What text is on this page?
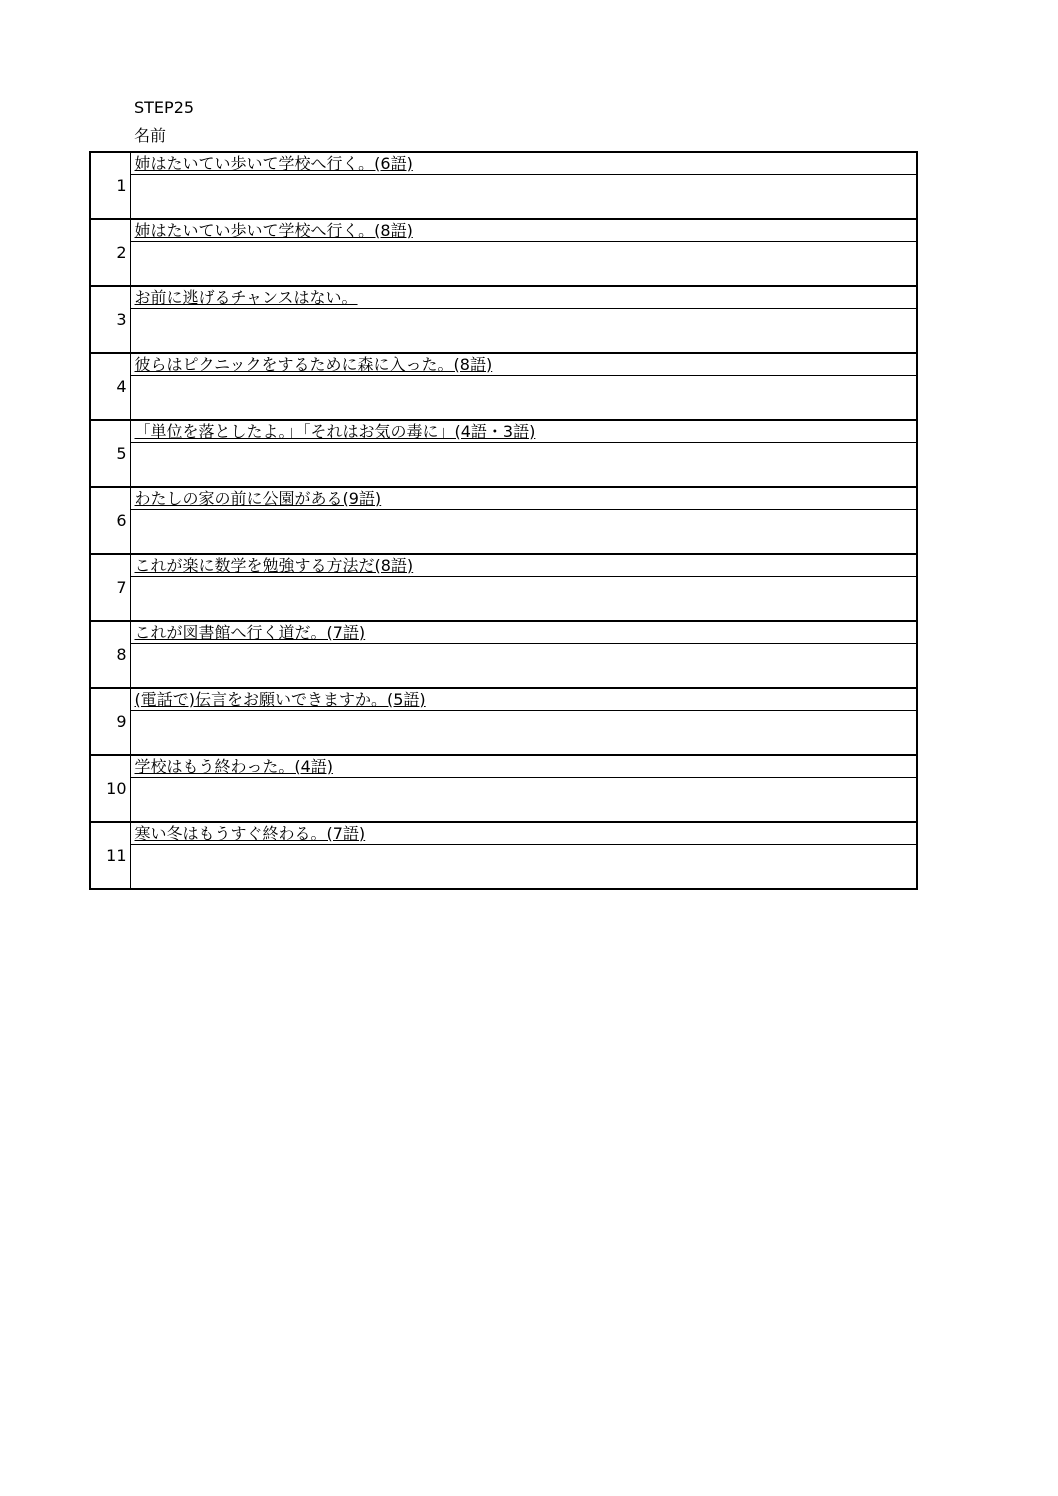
STEP25
名前
1	姉はたいてい歩いて学校へ行く。(6語)

2	姉はたいてい歩いて学校へ行く。(8語)

3	お前に逃げるチャンスはない。

4	彼らはピクニックをするために森に入った。(8語)

5	「単位を落としたよ。」「それはお気の毒に」(4語・3語)

6	わたしの家の前に公園がある(9語)

7	これが楽に数学を勉強する方法だ(8語)

8	これが図書館へ行く道だ。(7語)

9	(電話で)伝言をお願いできますか。(5語)

10	学校はもう終わった。(4語)

11	寒い冬はもうすぐ終わる。(7語)
